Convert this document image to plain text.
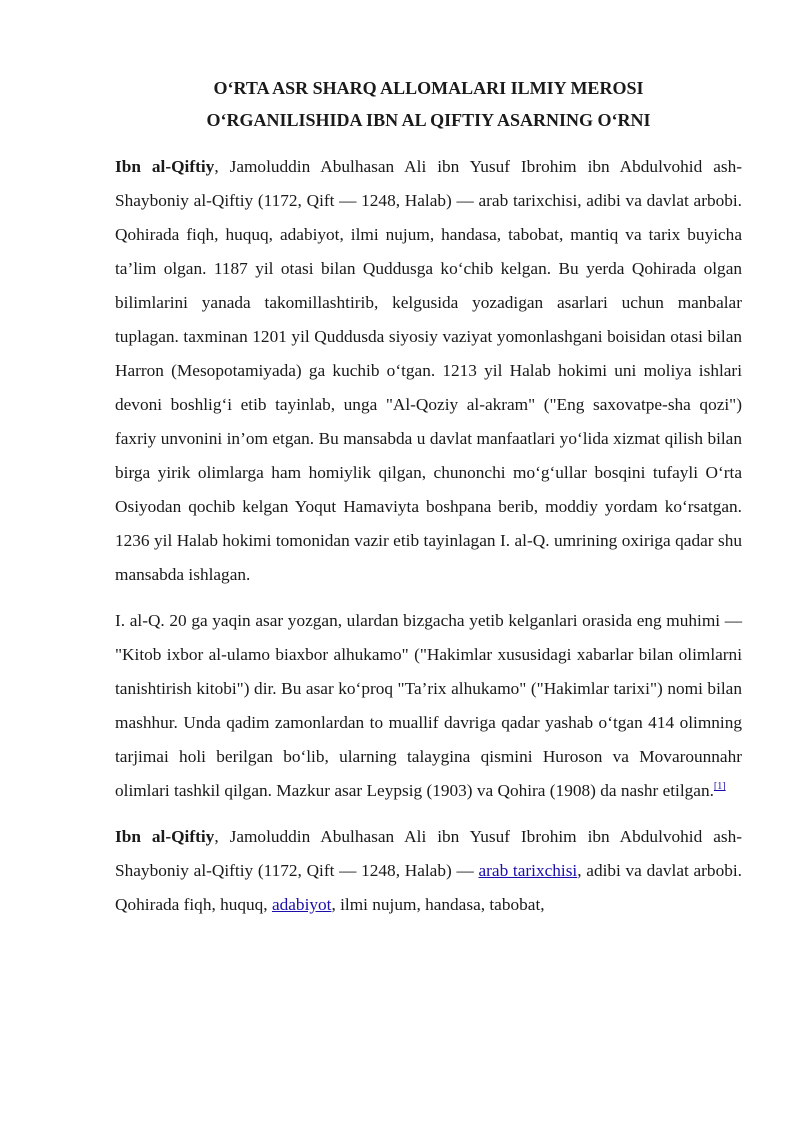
O‘RTA ASR SHARQ ALLOMALARI ILMIY MEROSI
O‘RGANILISHIDA IBN AL QIFTIY ASARNING O‘RNI

Ibn al-Qiftiy, Jamoluddin Abulhasan Ali ibn Yusuf Ibrohim ibn Abdulvohid ash-Shayboniy al-Qiftiy (1172, Qift — 1248, Halab) — arab tarixchisi, adibi va davlat arbobi. Qohirada fiqh, huquq, adabiyot, ilmi nujum, handasa, tabobat, mantiq va tarix buyicha ta’lim olgan. 1187 yil otasi bilan Quddusga ko‘chib kelgan. Bu yerda Qohirada olgan bilimlarini yanada takomillashtirib, kelgusida yozadigan asarlari uchun manbalar tuplagan. taxminan 1201 yil Quddusda siyosiy vaziyat yomonlashgani boisidan otasi bilan Harron (Mesopotamiyada) ga kuchib o‘tgan. 1213 yil Halab hokimi uni moliya ishlari devoni boshlig‘i etib tayinlab, unga "Al-Qoziy al-akram" ("Eng saxovatpe-sha qozi") faxriy unvonini in’om etgan. Bu mansabda u davlat manfaatlari yo‘lida xizmat qilish bilan birga yirik olimlarga ham homiylik qilgan, chunonchi mo‘g‘ullar bosqini tufayli O‘rta Osiyodan qochib kelgan Yoqut Hamaviyta boshpana berib, moddiy yordam ko‘rsatgan. 1236 yil Halab hokimi tomonidan vazir etib tayinlagan I. al-Q. umrining oxiriga qadar shu mansabda ishlagan.

I. al-Q. 20 ga yaqin asar yozgan, ulardan bizgacha yetib kelganlari orasida eng muhimi — "Kitob ixbor al-ulamo biaxbor alhukamo" ("Hakimlar xususidagi xabarlar bilan olimlarni tanishtirish kitobi") dir. Bu asar ko‘proq "Ta’rix alhukamo" ("Hakimlar tarixi") nomi bilan mashhur. Unda qadim zamonlardan to muallif davriga qadar yashab o‘tgan 414 olimning tarjimai holi berilgan bo‘lib, ularning talaygina qismini Huroson va Movarounnahr olimlari tashkil qilgan. Mazkur asar Leypsig (1903) va Qohira (1908) da nashr etilgan.[1]

Ibn al-Qiftiy, Jamoluddin Abulhasan Ali ibn Yusuf Ibrohim ibn Abdulvohid ash-Shayboniy al-Qiftiy (1172, Qift — 1248, Halab) — arab tarixchisi, adibi va davlat arbobi. Qohirada fiqh, huquq, adabiyot, ilmi nujum, handasa, tabobat,
